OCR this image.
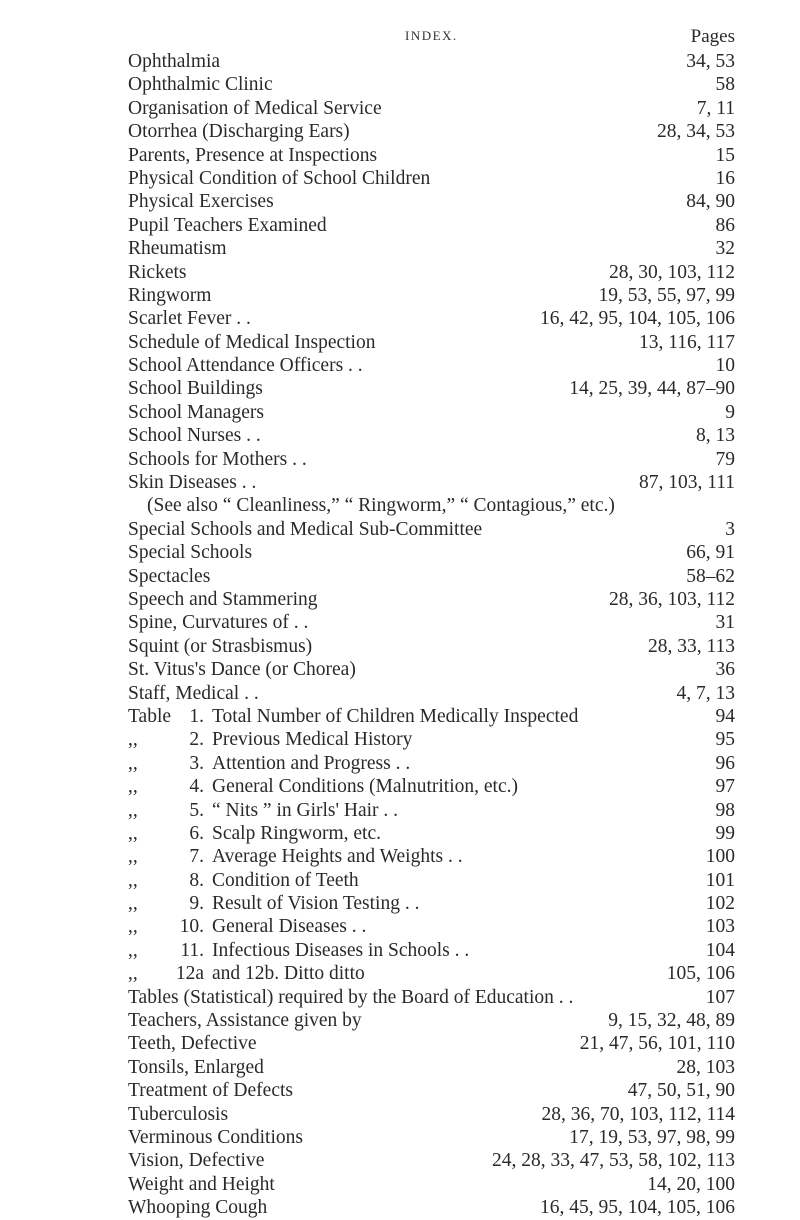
INDEX.	Pages
Ophthalmia	34, 53
Ophthalmic Clinic	58
Organisation of Medical Service	7, 11
Otorrhea (Discharging Ears)	28, 34, 53
Parents, Presence at Inspections	15
Physical Condition of School Children	16
Physical Exercises	84, 90
Pupil Teachers Examined	86
Rheumatism	32
Rickets	28, 30, 103, 112
Ringworm	19, 53, 55, 97, 99
Scarlet Fever . .	16, 42, 95, 104, 105, 106
Schedule of Medical Inspection	13, 116, 117
School Attendance Officers . .	10
School Buildings	14, 25, 39, 44, 87–90
School Managers	9
School Nurses . .	8, 13
Schools for Mothers . .	79
Skin Diseases . .	87, 103, 111
(See also “ Cleanliness,” “ Ringworm,” “ Contagious,” etc.)
Special Schools and Medical Sub-Committee	3
Special Schools	66, 91
Spectacles	58–62
Speech and Stammering	28, 36, 103, 112
Spine, Curvatures of . .	31
Squint (or Strasbismus)	28, 33, 113
St. Vitus's Dance (or Chorea)	36
Staff, Medical . .	4, 7, 13
Table 1. Total Number of Children Medically Inspected	94
,,	2. Previous Medical History	95
,,	3. Attention and Progress . .	96
,,	4. General Conditions (Malnutrition, etc.)	97
,,	5. “ Nits ” in Girls' Hair . .	98
,,	6. Scalp Ringworm, etc.	99
,,	7. Average Heights and Weights . .	100
,,	8. Condition of Teeth	101
,,	9. Result of Vision Testing . .	102
,,	10. General Diseases . .	103
,,	11. Infectious Diseases in Schools . .	104
,, 12a and 12b. Ditto ditto	105, 106
Tables (Statistical) required by the Board of Education . .	107
Teachers, Assistance given by	9, 15, 32, 48, 89
Teeth, Defective	21, 47, 56, 101, 110
Tonsils, Enlarged	28, 103
Treatment of Defects	47, 50, 51, 90
Tuberculosis	28, 36, 70, 103, 112, 114
Verminous Conditions	17, 19, 53, 97, 98, 99
Vision, Defective	24, 28, 33, 47, 53, 58, 102, 113
Weight and Height	14, 20, 100
Whooping Cough	16, 45, 95, 104, 105, 106
